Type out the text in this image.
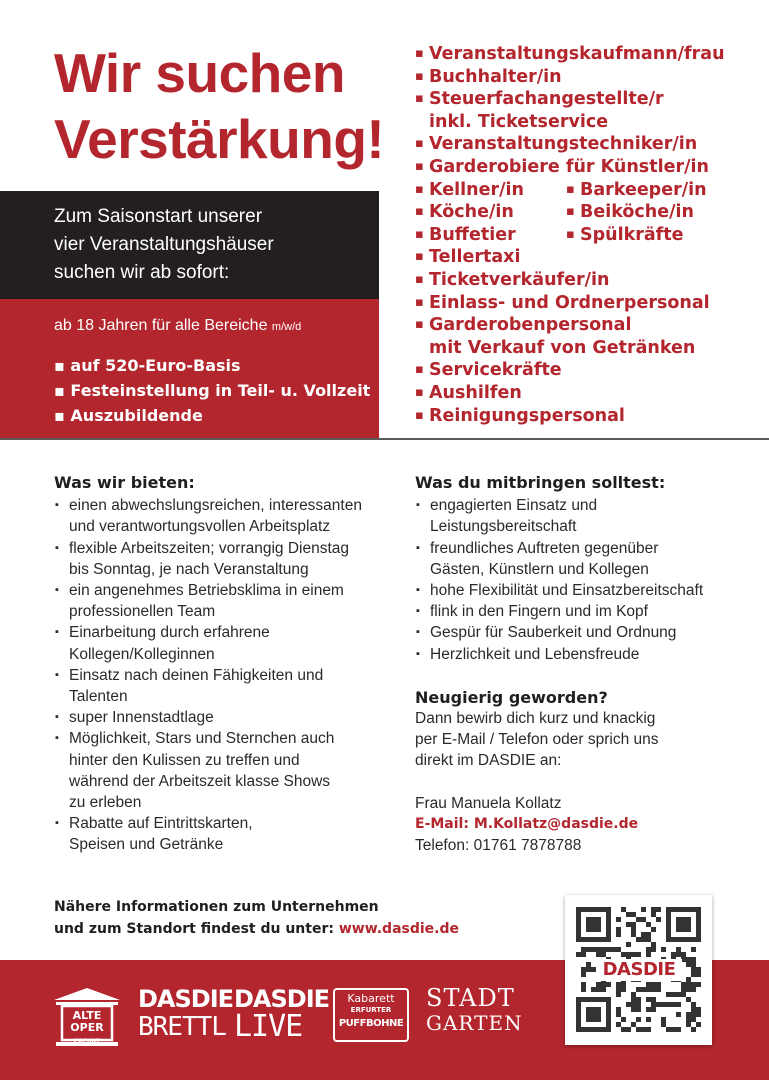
Wir suchen
Verstärkung!

Zum Saisonstart unserer
vier Veranstaltungshäuser
suchen wir ab sofort:

ab 18 Jahren für alle Bereiche m/w/d
▪ auf 520-Euro-Basis
▪ Festeinstellung in Teil- u. Vollzeit
▪ Auszubildende
▪ Veranstaltungskaufmann/frau
▪ Buchhalter/in
▪ Steuerfachangestellte/r
inkl. Ticketservice
▪ Veranstaltungstechniker/in
▪ Garderobiere für Künstler/in
▪ Kellner/in	▪ Barkeeper/in
▪ Köche/in	▪ Beiköche/in
▪ Buffetier	▪ Spülkräfte
▪ Tellertaxi
▪ Ticketverkäufer/in
▪ Einlass- und Ordnerpersonal
▪ Garderobenpersonal
mit Verkauf von Getränken
▪ Servicekräfte
▪ Aushilfen
▪ Reinigungspersonal
Was wir bieten:
▪ einen abwechslungsreichen, interessanten
und verantwortungsvollen Arbeitsplatz
▪ flexible Arbeitszeiten; vorrangig Dienstag
bis Sonntag, je nach Veranstaltung
▪ ein angenehmes Betriebsklima in einem
professionellen Team
▪ Einarbeitung durch erfahrene
Kollegen/Kolleginnen
▪ Einsatz nach deinen Fähigkeiten und
Talenten
▪ super Innenstadtlage
▪ Möglichkeit, Stars und Sternchen auch
hinter den Kulissen zu treffen und
während der Arbeitszeit klasse Shows
zu erleben
▪ Rabatte auf Eintrittskarten,
Speisen und Getränke
Was du mitbringen solltest:
▪ engagierten Einsatz und
Leistungsbereitschaft
▪ freundliches Auftreten gegenüber
Gästen, Künstlern und Kollegen
▪ hohe Flexibilität und Einsatzbereitschaft
▪ flink in den Fingern und im Kopf
▪ Gespür für Sauberkeit und Ordnung
▪ Herzlichkeit und Lebensfreude
Neugierig geworden?

Dann bewirb dich kurz und knackig
per E-Mail / Telefon oder sprich uns
direkt im DASDIE an:

Frau Manuela Kollatz

E-Mail: M.Kollatz@dasdie.de

Telefon: 01761 7878788

Nähere Informationen zum Unternehmen
und zum Standort findest du unter: www.dasdie.de

ALTE
OPER
ERFURT
DASDIE
BRETTL
DASDIE
LIVE
Kabarett
ERFURTER
PUFFBOHNE
STADT
GARTEN
DASDIE
